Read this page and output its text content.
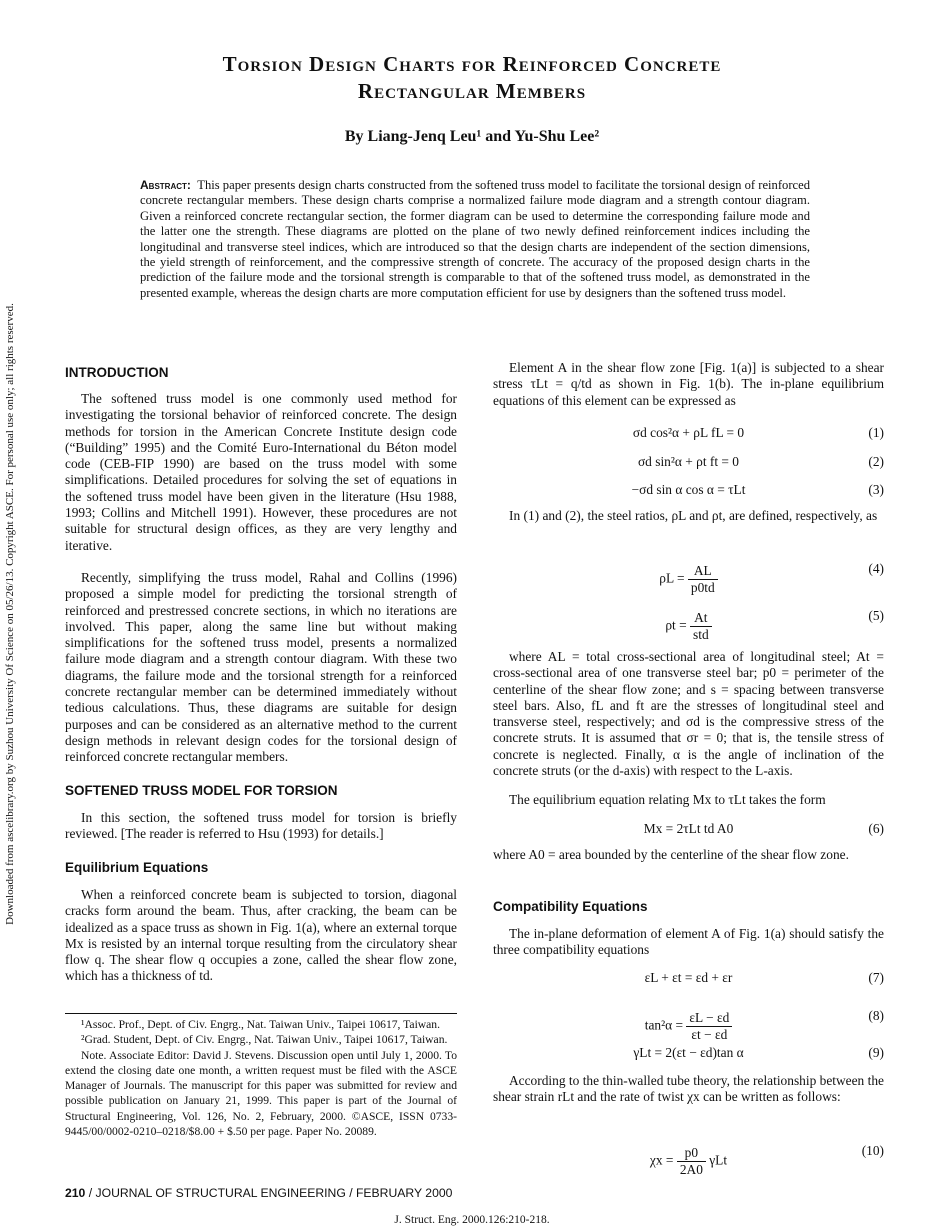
Downloaded from ascelibrary.org by Suzhou University Of Science on 05/26/13. Copyright ASCE. For personal use only; all rights reserved.
Torsion Design Charts for Reinforced Concrete
Rectangular Members
By Liang-Jenq Leu¹ and Yu-Shu Lee²
Abstract: This paper presents design charts constructed from the softened truss model to facilitate the torsional design of reinforced concrete rectangular members. These design charts comprise a normalized failure mode diagram and a strength contour diagram. Given a reinforced concrete rectangular section, the former diagram can be used to determine the corresponding failure mode and the latter one the strength. These diagrams are plotted on the plane of two newly defined reinforcement indices including the longitudinal and transverse steel indices, which are introduced so that the design charts are independent of the section dimensions, the yield strength of reinforcement, and the compressive strength of concrete. The accuracy of the proposed design charts in the prediction of the failure mode and the torsional strength is comparable to that of the softened truss model, as demonstrated in the presented example, whereas the design charts are more computation efficient for use by designers than the softened truss model.
INTRODUCTION
The softened truss model is one commonly used method for investigating the torsional behavior of reinforced concrete. The design methods for torsion in the American Concrete Institute design code (“Building” 1995) and the Comité Euro-International du Béton model code (CEB-FIP 1990) are based on the truss model with some simplifications. Detailed procedures for solving the set of equations in the softened truss model have been given in the literature (Hsu 1988, 1993; Collins and Mitchell 1991). However, these procedures are not suitable for structural design offices, as they are very lengthy and iterative.
Recently, simplifying the truss model, Rahal and Collins (1996) proposed a simple model for predicting the torsional strength of reinforced and prestressed concrete sections, in which no iterations are involved. This paper, along the same line but without making simplifications for the softened truss model, presents a normalized failure mode diagram and a strength contour diagram. With these two diagrams, the failure mode and the torsional strength for a reinforced concrete rectangular member can be determined immediately without tedious calculations. Thus, these diagrams are suitable for design purposes and can be considered as an alternative method to the current design methods in relevant design codes for the torsional design of reinforced concrete rectangular members.
SOFTENED TRUSS MODEL FOR TORSION
In this section, the softened truss model for torsion is briefly reviewed. [The reader is referred to Hsu (1993) for details.]
Equilibrium Equations
When a reinforced concrete beam is subjected to torsion, diagonal cracks form around the beam. Thus, after cracking, the beam can be idealized as a space truss as shown in Fig. 1(a), where an external torque Mx is resisted by an internal torque resulting from the circulatory shear flow q. The shear flow q occupies a zone, called the shear flow zone, which has a thickness of td.

¹Assoc. Prof., Dept. of Civ. Engrg., Nat. Taiwan Univ., Taipei 10617, Taiwan.

²Grad. Student, Dept. of Civ. Engrg., Nat. Taiwan Univ., Taipei 10617, Taiwan.

Note. Associate Editor: David J. Stevens. Discussion open until July 1, 2000. To extend the closing date one month, a written request must be filed with the ASCE Manager of Journals. The manuscript for this paper was submitted for review and possible publication on January 21, 1999. This paper is part of the Journal of Structural Engineering, Vol. 126, No. 2, February, 2000. ©ASCE, ISSN 0733-9445/00/0002-0210–0218/$8.00 + $.50 per page. Paper No. 20089.

210 / JOURNAL OF STRUCTURAL ENGINEERING / FEBRUARY 2000
J. Struct. Eng. 2000.126:210-218.
Element A in the shear flow zone [Fig. 1(a)] is subjected to a shear stress τLt = q/td as shown in Fig. 1(b). The in-plane equilibrium equations of this element can be expressed as
σd cos²α + ρL fL = 0	(1)
σd sin²α + ρt ft = 0	(2)
−σd sin α cos α = τLt	(3)
In (1) and (2), the steel ratios, ρL and ρt, are defined, respectively, as
$\rho L = \frac{AL}{p0td}$	(4)
$\rho t = \frac{At}{\text{std}}$	(5)
where AL = total cross-sectional area of longitudinal steel; At = cross-sectional area of one transverse steel bar; p0 = perimeter of the centerline of the shear flow zone; and s = spacing between transverse steel bars. Also, fL and ft are the stresses of longitudinal steel and transverse steel, respectively; and σd is the compressive stress of the concrete struts. It is assumed that σr = 0; that is, the tensile stress of concrete is neglected. Finally, α is the angle of inclination of the concrete struts (or the d-axis) with respect to the L-axis.
The equilibrium equation relating Mx to τLt takes the form
Mx = 2τLt td A0	(6)
where A0 = area bounded by the centerline of the shear flow zone.
Compatibility Equations
The in-plane deformation of element A of Fig. 1(a) should satisfy the three compatibility equations
εL + εt = εd + εr	(7)
$\tan^2\alpha = \frac{\varepsilon L - \varepsilon d}{\varepsilon t - \varepsilon d}$	(8)
γLt = 2(εt − εd)tan α	(9)
According to the thin-walled tube theory, the relationship between the shear strain rLt and the rate of twist χx can be written as follows:
$\chi x = \frac{p0}{2A0}$ γLt
(10)
